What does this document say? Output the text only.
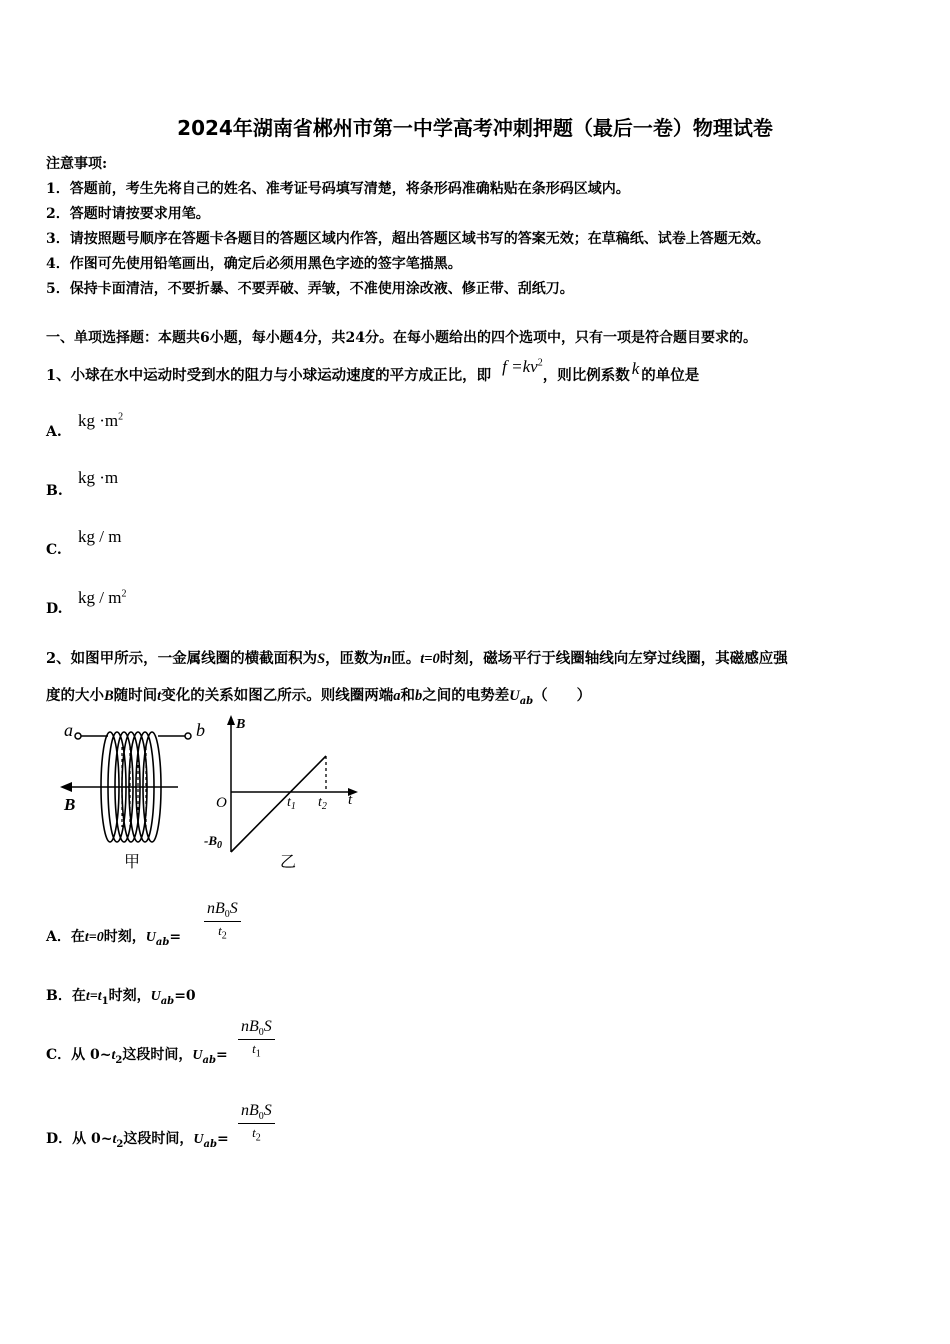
2024年湖南省郴州市第一中学高考冲刺押题（最后一卷）物理试卷
注意事项:
1．答题前，考生先将自己的姓名、准考证号码填写清楚，将条形码准确粘贴在条形码区域内。
2．答题时请按要求用笔。
3．请按照题号顺序在答题卡各题目的答题区域内作答，超出答题区域书写的答案无效；在草稿纸、试卷上答题无效。
4．作图可先使用铅笔画出，确定后必须用黑色字迹的签字笔描黑。
5．保持卡面清洁，不要折暴、不要弄破、弄皱，不准使用涂改液、修正带、刮纸刀。
一、单项选择题：本题共6小题，每小题4分，共24分。在每小题给出的四个选项中，只有一项是符合题目要求的。
1、小球在水中运动时受到水的阻力与小球运动速度的平方成正比，即 $f =kv^2$，则比例系数 k 的单位是
A.
kg $\cdot m^2$
B.
kg ·m
C.
kg / m
D.
kg / $m^2$
2、如图甲所示，一金属线圈的横截面积为S，匝数为n匝。t=0时刻，磁场平行于线圈轴线向左穿过线圈，其磁感应强
度的大小B随时间t变化的关系如图乙所示。则线圈两端a和b之间的电势差$U_{ab}$（　　）
a	b
B
甲
B
t
O
$-B_0$
$t_1$ $t_2$
乙
A．在t=0时刻，$U_{ab}=$
$nB_0S$
$t_2$
B．在$t=t_1$时刻，$U_{ab}=0$
C．从 $0\sim t_2$这段时间，$U_{ab}=$
$nB_0S$
$t_1$
D．从 $0\sim t_2$这段时间，$U_{ab}=$
$nB_0S$
$t_2$
